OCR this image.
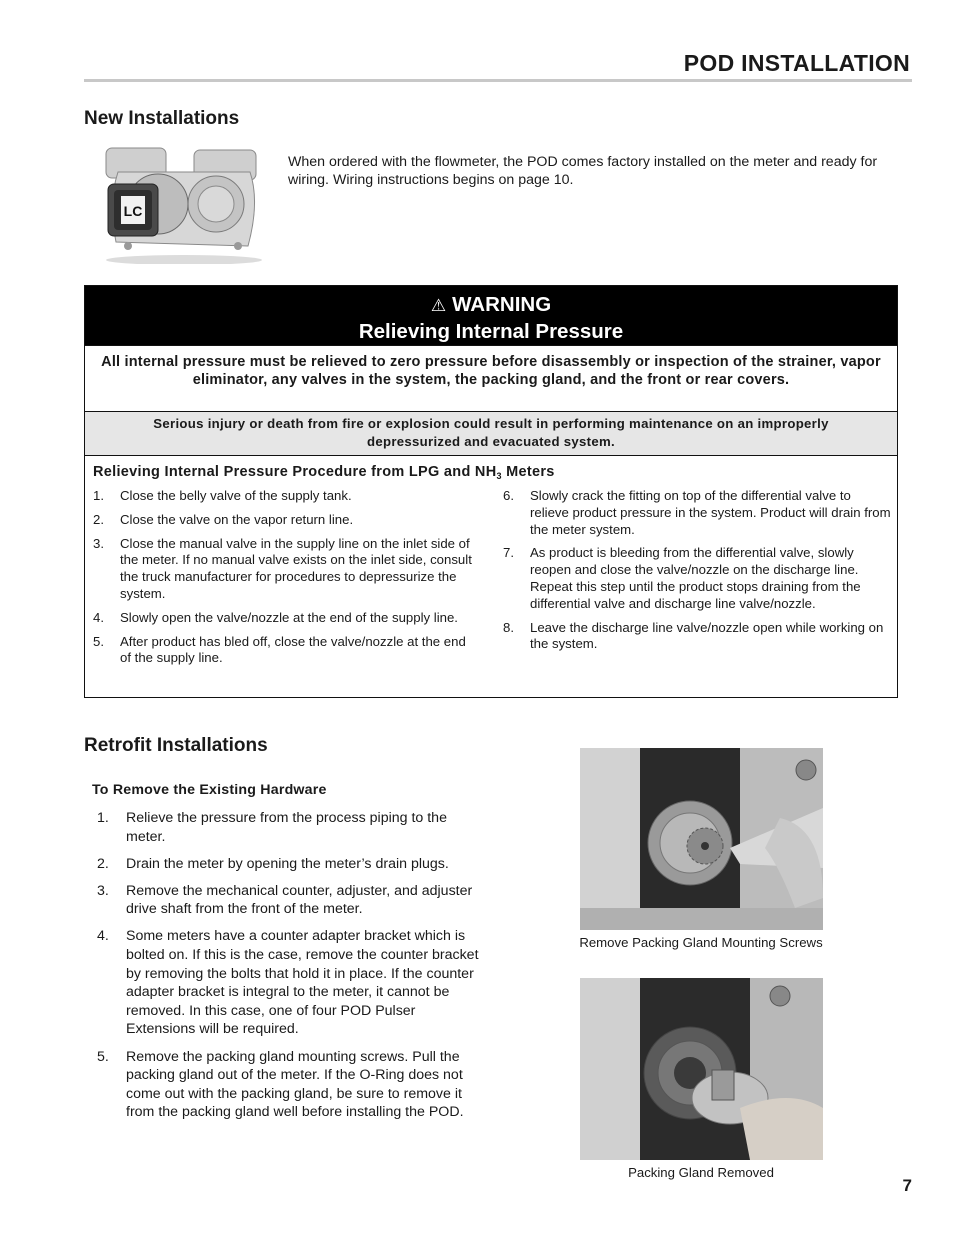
POD INSTALLATION
New Installations
LC
When ordered with the flowmeter, the POD comes factory installed on the meter and ready for wiring. Wiring instructions begins on page 10.
⚠ WARNING
Relieving Internal Pressure
All internal pressure must be relieved to zero pressure before disassembly or inspection of the strainer, vapor eliminator, any valves in the system, the packing gland, and the front or rear covers.
Serious injury or death from fire or explosion could result in performing maintenance on an improperly depressurized and evacuated system.
Relieving Internal Pressure Procedure from LPG and $NH_3$ Meters
1. Close the belly valve of the supply tank.
2. Close the valve on the vapor return line.
3. Close the manual valve in the supply line on the inlet side of the meter. If no manual valve exists on the inlet side, consult the truck manufacturer for procedures to depressurize the system.
4. Slowly open the valve/nozzle at the end of the supply line.
5. After product has bled off, close the valve/nozzle at the end of the supply line.
6. Slowly crack the fitting on top of the differential valve to relieve product pressure in the system. Product will drain from the meter system.
7. As product is bleeding from the differential valve, slowly reopen and close the valve/nozzle on the discharge line. Repeat this step until the product stops draining from the differential valve and discharge line valve/nozzle.
8. Leave the discharge line valve/nozzle open while working on the system.
Retrofit Installations
To Remove the Existing Hardware
1. Relieve the pressure from the process piping to the meter.
2. Drain the meter by opening the meter’s drain plugs.
3. Remove the mechanical counter, adjuster, and adjuster drive shaft from the front of the meter.
4. Some meters have a counter adapter bracket which is bolted on. If this is the case, remove the counter bracket by removing the bolts that hold it in place. If the counter adapter bracket is integral to the meter, it cannot be removed. In this case, one of four POD Pulser Extensions will be required.
5. Remove the packing gland mounting screws. Pull the packing gland out of the meter. If the O-Ring does not come out with the packing gland, be sure to remove it from the packing gland well before installing the POD.
Remove Packing Gland Mounting Screws
Packing Gland Removed
7
